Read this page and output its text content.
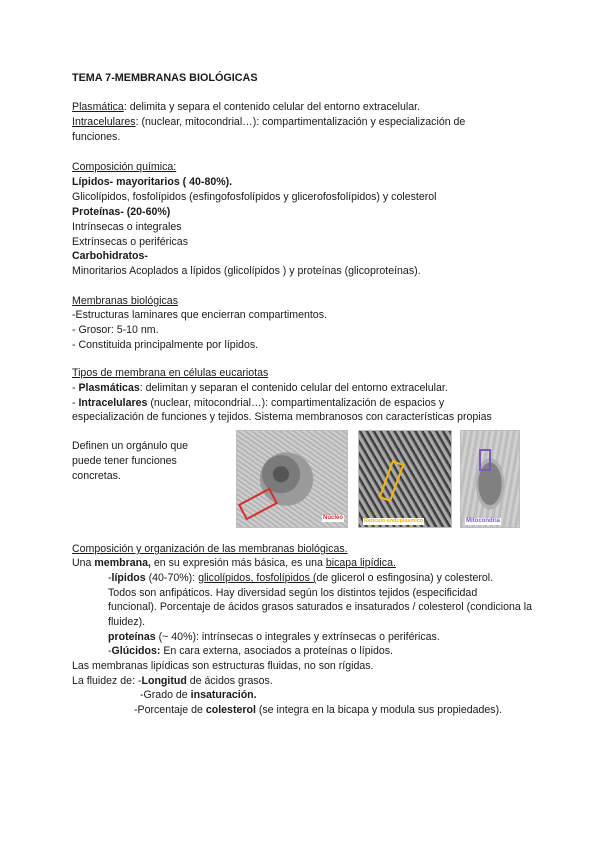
TEMA 7-MEMBRANAS BIOLÓGICAS
Plasmática: delimita y separa el contenido celular del entorno extracelular.
Intracelulares: (nuclear, mitocondrial…): compartimentalización y especialización de
funciones.
Composición química:
Lípidos- mayoritarios ( 40-80%).
Glicolípidos, fosfolípidos (esfingofosfolípidos y glicerofosfolípidos) y colesterol
Proteínas- (20-60%)
Intrínsecas o integrales
Extrínsecas o periféricas
Carbohidratos-
Minoritarios Acoplados a lípidos (glicolípidos ) y proteínas (glicoproteínas).
Membranas biológicas
-Estructuras laminares que encierran compartimentos.
- Grosor: 5-10 nm.
- Constituida principalmente por lípidos.
Tipos de membrana en células eucariotas
- Plasmáticas: delimitan y separan el contenido celular del entorno extracelular.
- Intracelulares (nuclear, mitocondrial…): compartimentalización de espacios y
especialización de funciones y tejidos. Sistema membranosos con características propias
Definen un orgánulo que
puede tener funciones
concretas.
Núcleo	Retículo endoplásmico	Mitocondria
Composición y organización de las membranas biológicas.
Una membrana, en su expresión más básica, es una bicapa lipídica.
-lípidos (40-70%): glicolípidos, fosfolípidos (de glicerol o esfingosina) y colesterol.
Todos son anfipáticos. Hay diversidad según los distintos tejidos (especificidad
funcional). Porcentaje de ácidos grasos saturados e insaturados / colesterol (condiciona la
fluidez).
proteínas (~ 40%): intrínsecas o integrales y extrínsecas o periféricas.
-Glúcidos: En cara externa, asociados a proteínas o lípidos.
Las membranas lipídicas son estructuras fluidas, no son rígidas.
La fluidez de: -Longitud de ácidos grasos.
-Grado de insaturación.
-Porcentaje de colesterol (se integra en la bicapa y modula sus propiedades).
